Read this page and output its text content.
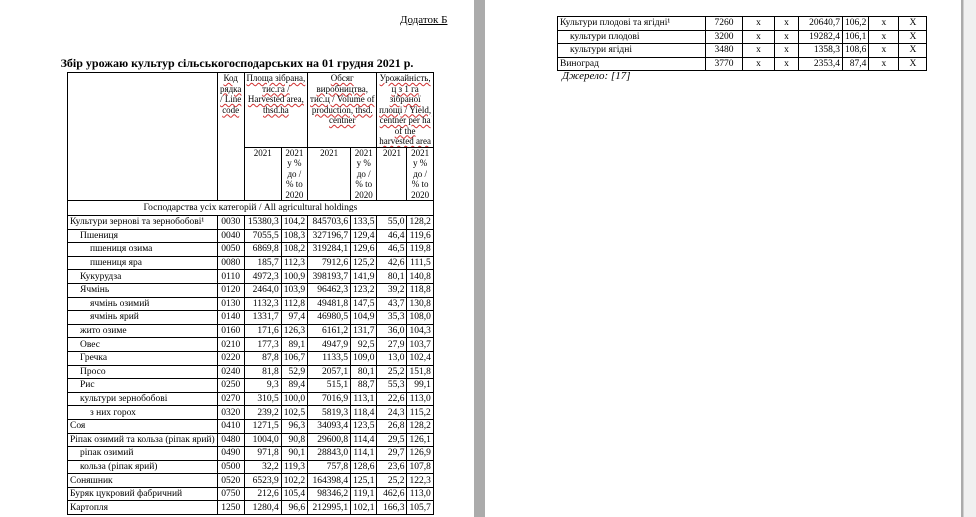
Додаток Б
Збір урожаю культур сільськогосподарських на 01 грудня 2021 р.
	Код рядка / Line code	Площа зібрана, тис.га / Harvested area, thsd.ha		Обсяг виробництва, тис.ц / Volume of production, thsd. centner		Урожайність, ц з 1 га зібраної площі / Yield, centner per ha of the harvested area	
		2021	2021 у % до / % to 2020	2021	2021 у % до / % to 2020	2021	2021 у % до / % to 2020
Господарства усіх категорій / All agricultural holdings							
Культури зернові та зернобобові¹	0030	15380,3	104,2	845703,6	133,5	55,0	128,2
Пшениця	0040	7055,5	108,3	327196,7	129,4	46,4	119,6
пшениця озима	0050	6869,8	108,2	319284,1	129,6	46,5	119,8
пшениця яра	0080	185,7	112,3	7912,6	125,2	42,6	111,5
Кукурудза	0110	4972,3	100,9	398193,7	141,9	80,1	140,8
Ячмінь	0120	2464,0	103,9	96462,3	123,2	39,2	118,8
ячмінь озимий	0130	1132,3	112,8	49481,8	147,5	43,7	130,8
ячмінь ярий	0140	1331,7	97,4	46980,5	104,9	35,3	108,0
жито озиме	0160	171,6	126,3	6161,2	131,7	36,0	104,3
Овес	0210	177,3	89,1	4947,9	92,5	27,9	103,7
Гречка	0220	87,8	106,7	1133,5	109,0	13,0	102,4
Просо	0240	81,8	52,9	2057,1	80,1	25,2	151,8
Рис	0250	9,3	89,4	515,1	88,7	55,3	99,1
культури зернобобові	0270	310,5	100,0	7016,9	113,1	22,6	113,0
з них горох	0320	239,2	102,5	5819,3	118,4	24,3	115,2
Соя	0410	1271,5	96,3	34093,4	123,5	26,8	128,2
Ріпак озимий та кольза (ріпак ярий)	0480	1004,0	90,8	29600,8	114,4	29,5	126,1
ріпак озимий	0490	971,8	90,1	28843,0	114,1	29,7	126,9
кольза (ріпак ярий)	0500	32,2	119,3	757,8	128,6	23,6	107,8
Соняшник	0520	6523,9	102,2	164398,4	125,1	25,2	122,3
Буряк цукровий фабричний	0750	212,6	105,4	98346,2	119,1	462,6	113,0
Картопля	1250	1280,4	96,6	212995,1	102,1	166,3	105,7
Культури плодові та ягідні¹	7260	x	x	20640,7	106,2	x	X
культури плодові	3200	x	x	19282,4	106,1	x	X
культури ягідні	3480	x	x	1358,3	108,6	x	X
Виноград	3770	x	x	2353,4	87,4	x	X
Джерело: [17]
